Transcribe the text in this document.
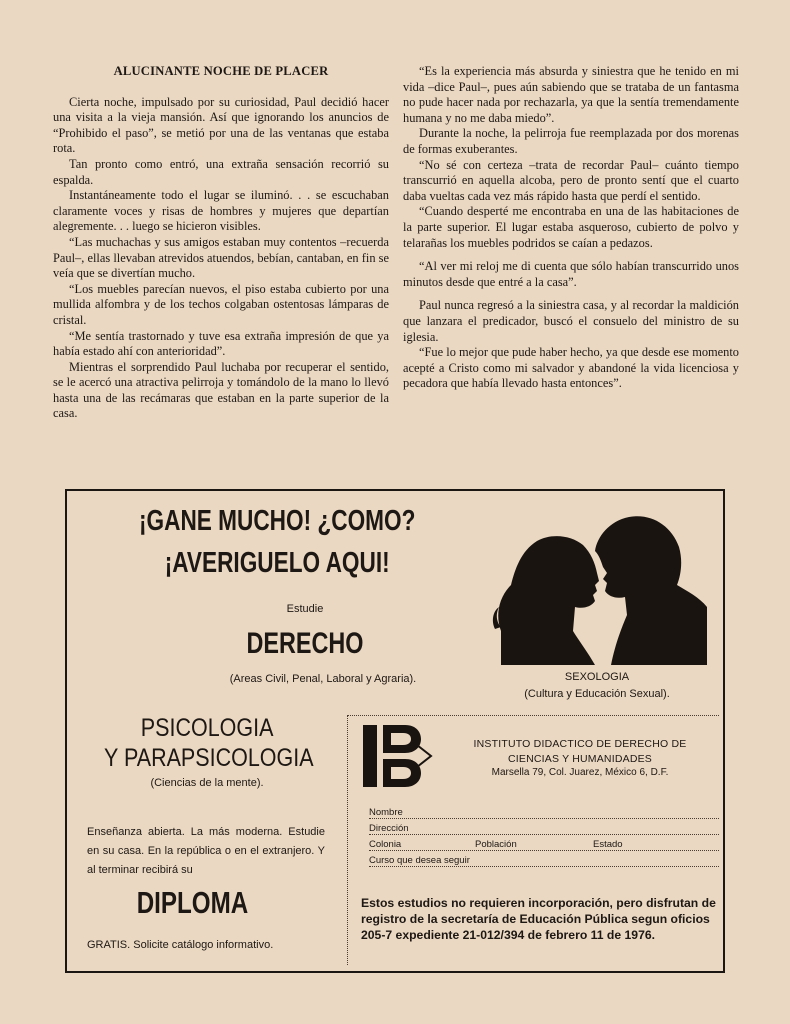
ALUCINANTE NOCHE DE PLACER

Cierta noche, impulsado por su curiosidad, Paul decidió hacer una visita a la vieja mansión. Así que ignorando los anuncios de “Prohibido el paso”, se metió por una de las ventanas que estaba rota.

Tan pronto como entró, una extraña sensación recorrió su espalda.

Instantáneamente todo el lugar se iluminó. . . se escuchaban claramente voces y risas de hombres y mujeres que departían alegremente. . . luego se hicieron visibles.

“Las muchachas y sus amigos estaban muy contentos –recuerda Paul–, ellas llevaban atrevidos atuendos, bebían, cantaban, en fin se veía que se divertían mucho.

“Los muebles parecían nuevos, el piso estaba cubierto por una mullida alfombra y de los techos colgaban ostentosas lámparas de cristal.

“Me sentía trastornado y tuve esa extraña impresión de que ya había estado ahí con anterioridad”.

Mientras el sorprendido Paul luchaba por recuperar el sentido, se le acercó una atractiva pelirroja y tomándolo de la mano lo llevó hasta una de las recámaras que estaban en la parte superior de la casa.

“Es la experiencia más absurda y siniestra que he tenido en mi vida –dice Paul–, pues aún sabiendo que se trataba de un fantasma no pude hacer nada por rechazarla, ya que la sentía tremendamente humana y no me daba miedo”.

Durante la noche, la pelirroja fue reemplazada por dos morenas de formas exuberantes.

“No sé con certeza –trata de recordar Paul– cuánto tiempo transcurrió en aquella alcoba, pero de pronto sentí que el cuarto daba vueltas cada vez más rápido hasta que perdí el sentido.

“Cuando desperté me encontraba en una de las habitaciones de la parte superior. El lugar estaba asqueroso, cubierto de polvo y telarañas los muebles podridos se caían a pedazos.

“Al ver mi reloj me di cuenta que sólo habían transcurrido unos minutos desde que entré a la casa”.

Paul nunca regresó a la siniestra casa, y al recordar la maldición que lanzara el predicador, buscó el consuelo del ministro de su iglesia.

“Fue lo mejor que pude haber hecho, ya que desde ese momento acepté a Cristo como mi salvador y abandoné la vida licenciosa y pecadora que había llevado hasta entonces”.

¡GANE MUCHO! ¿COMO?
¡AVERIGUELO AQUI!
Estudie
DERECHO
(Areas Civil, Penal, Laboral y Agraria).	SEXOLOGIA
(Cultura y Educación Sexual).
PSICOLOGIA
Y PARAPSICOLOGIA
(Ciencias de la mente).
Enseñanza abierta. La más moderna. Estudie en su casa. En la república o en el extranjero. Y al terminar recibirá su
DIPLOMA
GRATIS. Solicite catálogo informativo.
INSTITUTO DIDACTICO DE DERECHO DE
CIENCIAS Y HUMANIDADES
Marsella 79, Col. Juarez, México 6, D.F.
Nombre
Dirección
Colonia	Población	Estado
Curso que desea seguir
Estos estudios no requieren incorporación, pero disfrutan de registro de la secretaría de Educación Pública segun oficios 205-7 expediente 21-012/394 de febrero 11 de 1976.
